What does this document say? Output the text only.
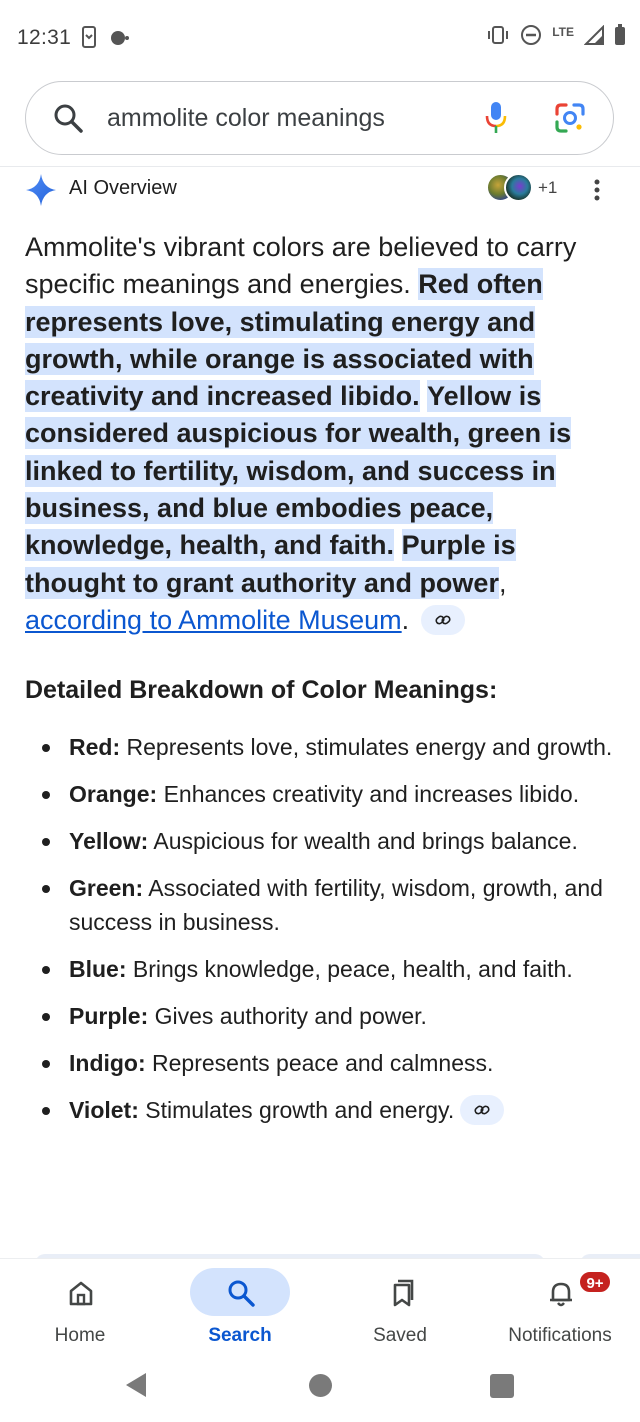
12:31	LTE
ammolite color meanings
AI Overview	+1
Ammolite's vibrant colors are believed to carry specific meanings and energies. Red often represents love, stimulating energy and growth, while orange is associated with creativity and increased libido. Yellow is considered auspicious for wealth, green is linked to fertility, wisdom, and success in business, and blue embodies peace, knowledge, health, and faith. Purple is thought to grant authority and power, according to Ammolite Museum.
Detailed Breakdown of Color Meanings:
Red: Represents love, stimulates energy and growth.
Orange: Enhances creativity and increases libido.
Yellow: Auspicious for wealth and brings balance.
Green: Associated with fertility, wisdom, growth, and success in business.
Blue: Brings knowledge, peace, health, and faith.
Purple: Gives authority and power.
Indigo: Represents peace and calmness.
Violet: Stimulates growth and energy.
Home	Search	Saved
9+
Notifications
